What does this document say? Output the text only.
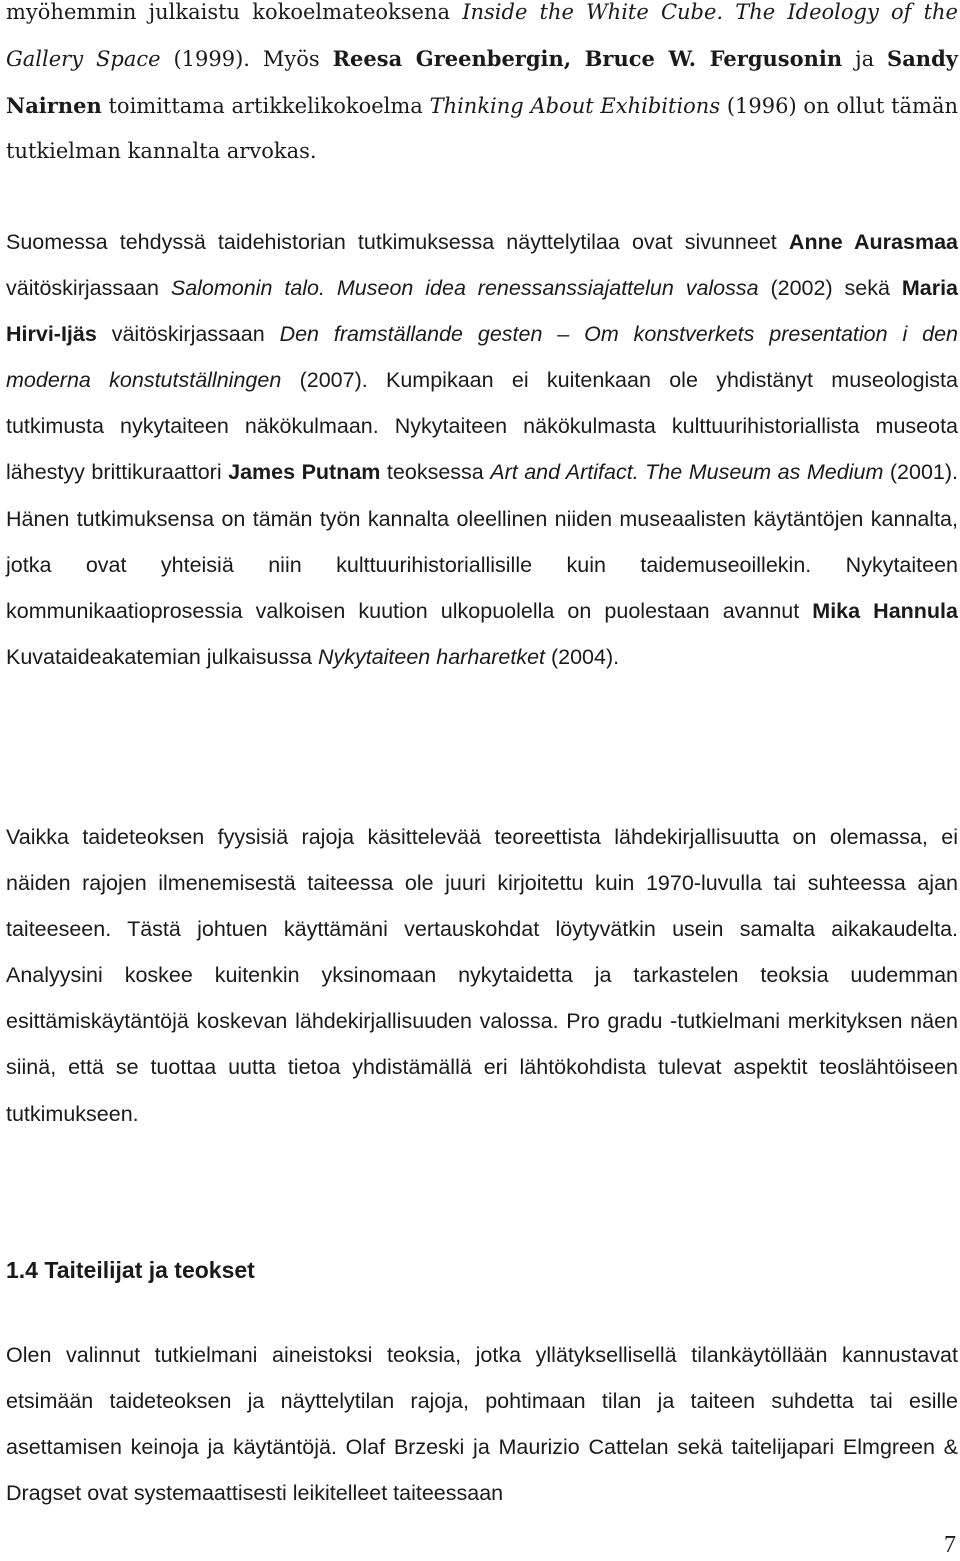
myöhemmin julkaistu kokoelmateoksena Inside the White Cube. The Ideology of the Gallery Space (1999). Myös Reesa Greenbergin, Bruce W. Fergusonin ja Sandy Nairnen toimittama artikkelikokoelma Thinking About Exhibitions (1996) on ollut tämän tutkielman kannalta arvokas.

Suomessa tehdyssä taidehistorian tutkimuksessa näyttelytilaa ovat sivunneet Anne Aurasmaa väitöskirjassaan Salomonin talo. Museon idea renessanssiajattelun valossa (2002) sekä Maria Hirvi-Ijäs väitöskirjassaan Den framställande gesten – Om konstverkets presentation i den moderna konstutställningen (2007). Kumpikaan ei kuitenkaan ole yhdistänyt museologista tutkimusta nykytaiteen näkökulmaan. Nykytaiteen näkökulmasta kulttuurihistoriallista museota lähestyy brittikuraattori James Putnam teoksessa Art and Artifact. The Museum as Medium (2001). Hänen tutkimuksensa on tämän työn kannalta oleellinen niiden museaalisten käytäntöjen kannalta, jotka ovat yhteisiä niin kulttuurihistoriallisille kuin taidemuseoillekin. Nykytaiteen kommunikaatioprosessia valkoisen kuution ulkopuolella on puolestaan avannut Mika Hannula Kuvataideakatemian julkaisussa Nykytaiteen harharetket (2004).

Vaikka taideteoksen fyysisiä rajoja käsittelevää teoreettista lähdekirjallisuutta on olemassa, ei näiden rajojen ilmenemisestä taiteessa ole juuri kirjoitettu kuin 1970-luvulla tai suhteessa ajan taiteeseen. Tästä johtuen käyttämäni vertauskohdat löytyvätkin usein samalta aikakaudelta. Analyysini koskee kuitenkin yksinomaan nykytaidetta ja tarkastelen teoksia uudemman esittämiskäytäntöjä koskevan lähdekirjallisuuden valossa. Pro gradu -tutkielmani merkityksen näen siinä, että se tuottaa uutta tietoa yhdistämällä eri lähtökohdista tulevat aspektit teoslähtöiseen tutkimukseen.

1.4 Taiteilijat ja teokset

Olen valinnut tutkielmani aineistoksi teoksia, jotka yllätyksellisellä tilankäytöllään kannustavat etsimään taideteoksen ja näyttelytilan rajoja, pohtimaan tilan ja taiteen suhdetta tai esille asettamisen keinoja ja käytäntöjä. Olaf Brzeski ja Maurizio Cattelan sekä taitelijapari Elmgreen & Dragset ovat systemaattisesti leikitelleet taiteessaan

7
